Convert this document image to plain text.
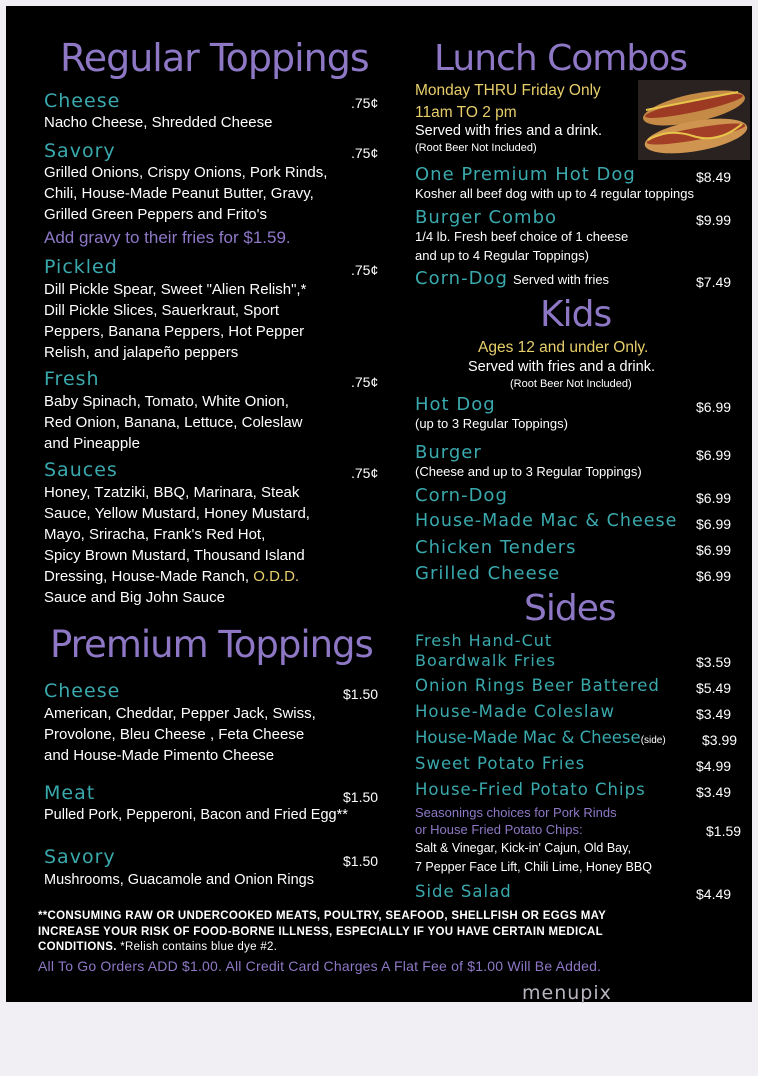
Regular Toppings
Cheese	.75¢
Nacho Cheese, Shredded Cheese
Savory	.75¢
Grilled Onions, Crispy Onions, Pork Rinds,
Chili, House-Made Peanut Butter, Gravy,
Grilled Green Peppers and Frito's
Add gravy to their fries for $1.59.
Pickled	.75¢
Dill Pickle Spear, Sweet "Alien Relish",*
Dill Pickle Slices, Sauerkraut, Sport
Peppers, Banana Peppers, Hot Pepper
Relish, and jalapeño peppers
Fresh	.75¢
Baby Spinach, Tomato, White Onion,
Red Onion, Banana, Lettuce, Coleslaw
and Pineapple
Sauces	.75¢
Honey, Tzatziki, BBQ, Marinara, Steak
Sauce, Yellow Mustard, Honey Mustard,
Mayo, Sriracha, Frank's Red Hot,
Spicy Brown Mustard, Thousand Island
Dressing, House-Made Ranch, O.D.D.
Sauce and Big John Sauce
Premium Toppings
Cheese	$1.50
American, Cheddar, Pepper Jack, Swiss,
Provolone, Bleu Cheese , Feta Cheese
and House-Made Pimento Cheese
Meat	$1.50
Pulled Pork, Pepperoni, Bacon and Fried Egg**
Savory	$1.50
Mushrooms, Guacamole and Onion Rings
Lunch Combos
Monday THRU Friday Only
11am TO 2 pm
Served with fries and a drink.
(Root Beer Not Included)
One Premium Hot Dog	$8.49
Kosher all beef dog with up to 4 regular toppings
Burger Combo	$9.99
1/4 lb. Fresh beef choice of 1 cheese
and up to 4 Regular Toppings)
Corn-Dog Served with fries	$7.49
Kids
Ages 12 and under Only.
Served with fries and a drink.
(Root Beer Not Included)
Hot Dog	$6.99
(up to 3 Regular Toppings)
Burger	$6.99
(Cheese and up to 3 Regular Toppings)
Corn-Dog	$6.99
House-Made Mac & Cheese $6.99
Chicken Tenders	$6.99
Grilled Cheese	$6.99
Sides
Fresh Hand-Cut
Boardwalk Fries	$3.59
Onion Rings Beer Battered	$5.49
House-Made Coleslaw	$3.49
House-Made Mac & Cheese(side)	$3.99
Sweet Potato Fries	$4.99
House-Fried Potato Chips	$3.49
Seasonings choices for Pork Rinds
or House Fried Potato Chips:	$1.59
Salt & Vinegar, Kick-in' Cajun, Old Bay,
7 Pepper Face Lift, Chili Lime, Honey BBQ
Side Salad	$4.49
**CONSUMING RAW OR UNDERCOOKED MEATS, POULTRY, SEAFOOD, SHELLFISH OR EGGS MAY
INCREASE YOUR RISK OF FOOD-BORNE ILLNESS, ESPECIALLY IF YOU HAVE CERTAIN MEDICAL
CONDITIONS. *Relish contains blue dye #2.
All To Go Orders ADD $1.00. All Credit Card Charges A Flat Fee of $1.00 Will Be Added.
menupix
